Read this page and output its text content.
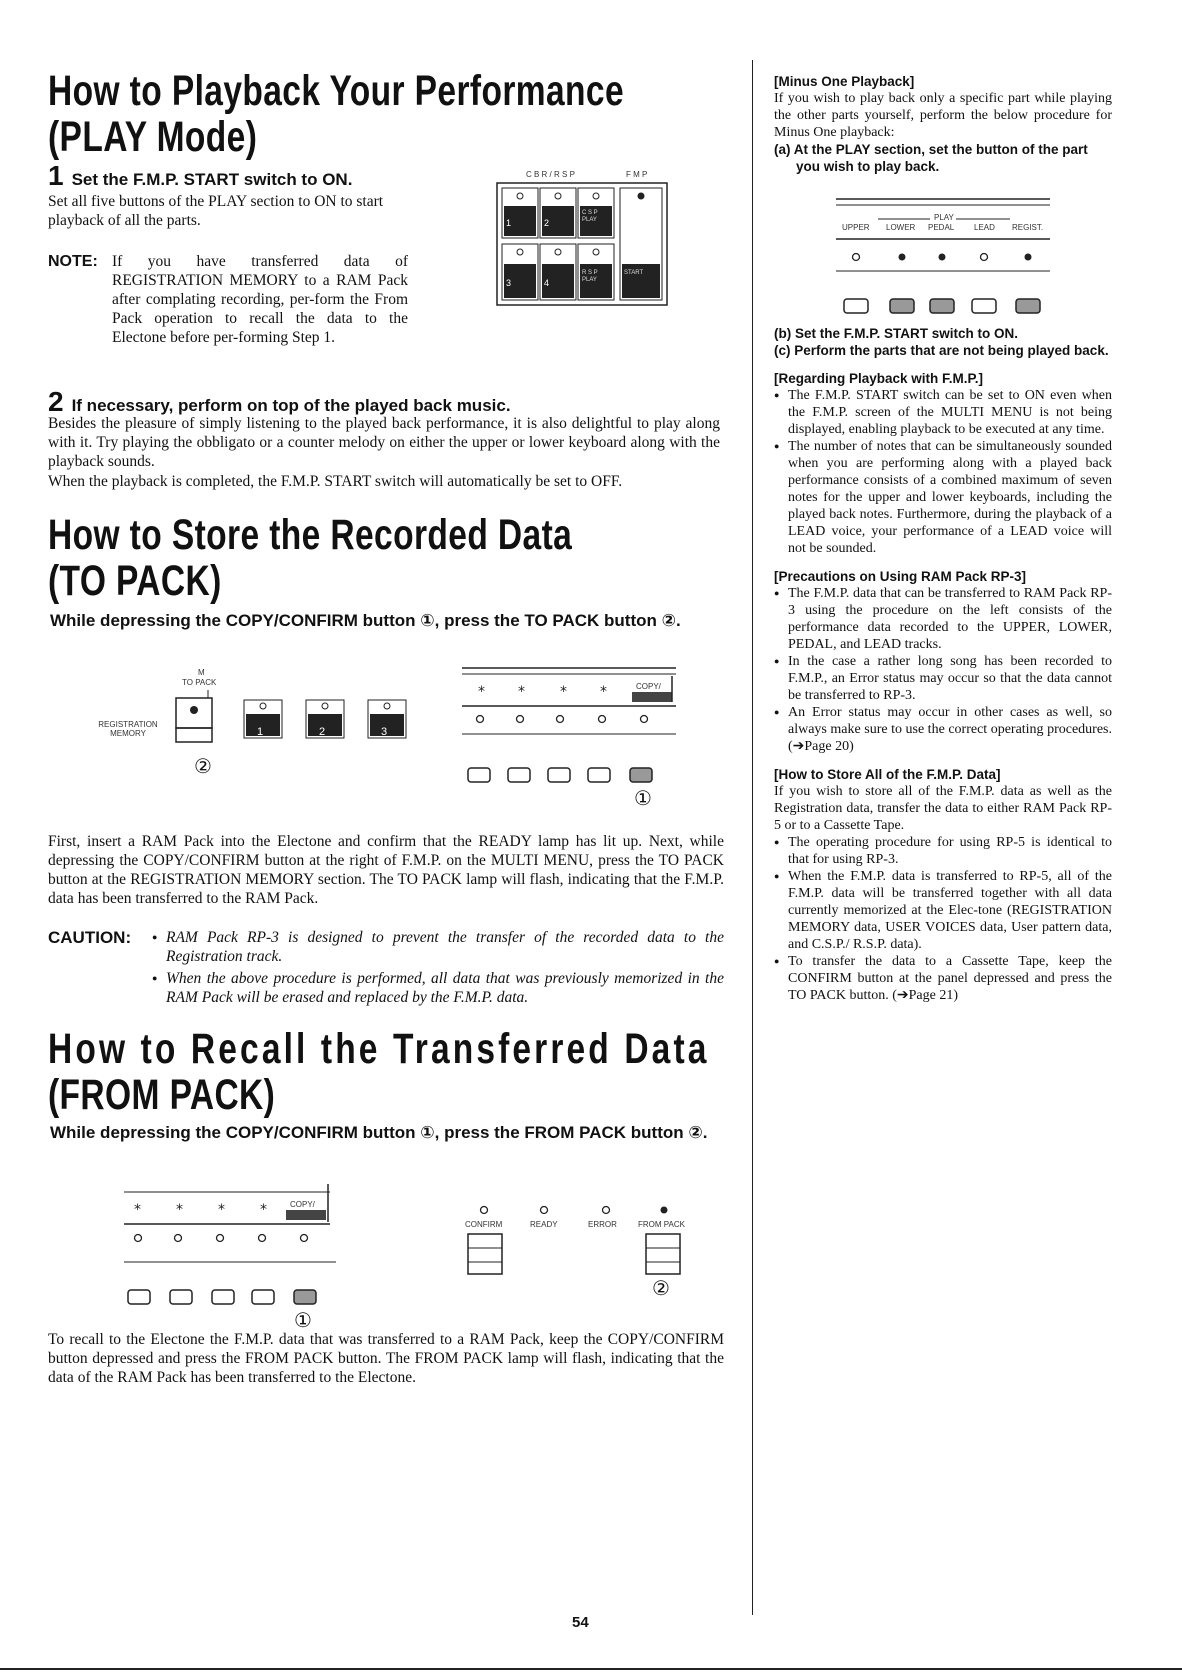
How to Playback Your Performance
(PLAY Mode)
1 Set the F.M.P. START switch to ON.
Set all five buttons of the PLAY section to ON to start playback of all the parts.
NOTE: If you have transferred data of REGISTRATION MEMORY to a RAM Pack after complating recording, per-form the From Pack operation to recall the data to the Electone before per-forming Step 1.
C B R / R S P	F M P
1	2
C S P PLAY
3	4
R S P PLAY
START
2 If necessary, perform on top of the played back music.
Besides the pleasure of simply listening to the played back performance, it is also delightful to play along with it. Try playing the obbligato or a counter melody on either the upper or lower keyboard along with the playback sounds.
When the playback is completed, the F.M.P. START switch will automatically be set to OFF.
How to Store the Recorded Data
(TO PACK)
While depressing the COPY/CONFIRM button ①, press the TO PACK button ②.
M
TO PACK
REGISTRATION MEMORY	1	2	3
②
* *	* *	COPY/
①
First, insert a RAM Pack into the Electone and confirm that the READY lamp has lit up. Next, while depressing the COPY/CONFIRM button at the right of F.M.P. on the MULTI MENU, press the TO PACK button at the REGISTRATION MEMORY section. The TO PACK lamp will flash, indicating that the F.M.P. data has been transferred to the RAM Pack.
CAUTION:
●	RAM Pack RP-3 is designed to prevent the transfer of the recorded data to the Registration track.
● When the above procedure is performed, all data that was previously memorized in the RAM Pack will be erased and replaced by the F.M.P. data.
How to Recall the Transferred Data
(FROM PACK)
While depressing the COPY/CONFIRM button ①, press the FROM PACK button ②.
*	*	*	*	COPY/
①
CONFIRM	READY	ERROR	FROM PACK
②
To recall to the Electone the F.M.P. data that was transferred to a RAM Pack, keep the COPY/CONFIRM button depressed and press the FROM PACK button. The FROM PACK lamp will flash, indicating that the data of the RAM Pack has been transferred to the Electone.
[Minus One Playback]
If you wish to play back only a specific part while playing the other parts yourself, perform the below procedure for Minus One playback:
(a) At the PLAY section, set the button of the part you wish to play back.
PLAY
UPPER LOWER PEDAL LEAD REGIST.
(b) Set the F.M.P. START switch to ON.
(c) Perform the parts that are not being played back.
[Regarding Playback with F.M.P.]
● The F.M.P. START switch can be set to ON even when the F.M.P. screen of the MULTI MENU is not being displayed, enabling playback to be executed at any time.
● The number of notes that can be simultaneously sounded when you are performing along with a played back performance consists of a combined maximum of seven notes for the upper and lower keyboards, including the played back notes. Furthermore, during the playback of a LEAD voice, your performance of a LEAD voice will not be sounded.
[Precautions on Using RAM Pack RP-3]
● The F.M.P. data that can be transferred to RAM Pack RP-3 using the procedure on the left consists of the performance data recorded to the UPPER, LOWER, PEDAL, and LEAD tracks.
● In the case a rather long song has been recorded to F.M.P., an Error status may occur so that the data cannot be transferred to RP-3.
● An Error status may occur in other cases as well, so always make sure to use the correct operating procedures. (➔Page 20)
[How to Store All of the F.M.P. Data]
If you wish to store all of the F.M.P. data as well as the Registration data, transfer the data to either RAM Pack RP-5 or to a Cassette Tape.
● The operating procedure for using RP-5 is identical to that for using RP-3.
● When the F.M.P. data is transferred to RP-5, all of the F.M.P. data will be transferred together with all data currently memorized at the Elec-tone (REGISTRATION MEMORY data, USER VOICES data, User pattern data, and C.S.P./ R.S.P. data).
● To transfer the data to a Cassette Tape, keep the CONFIRM button at the panel depressed and press the TO PACK button. (➔Page 21)
54
